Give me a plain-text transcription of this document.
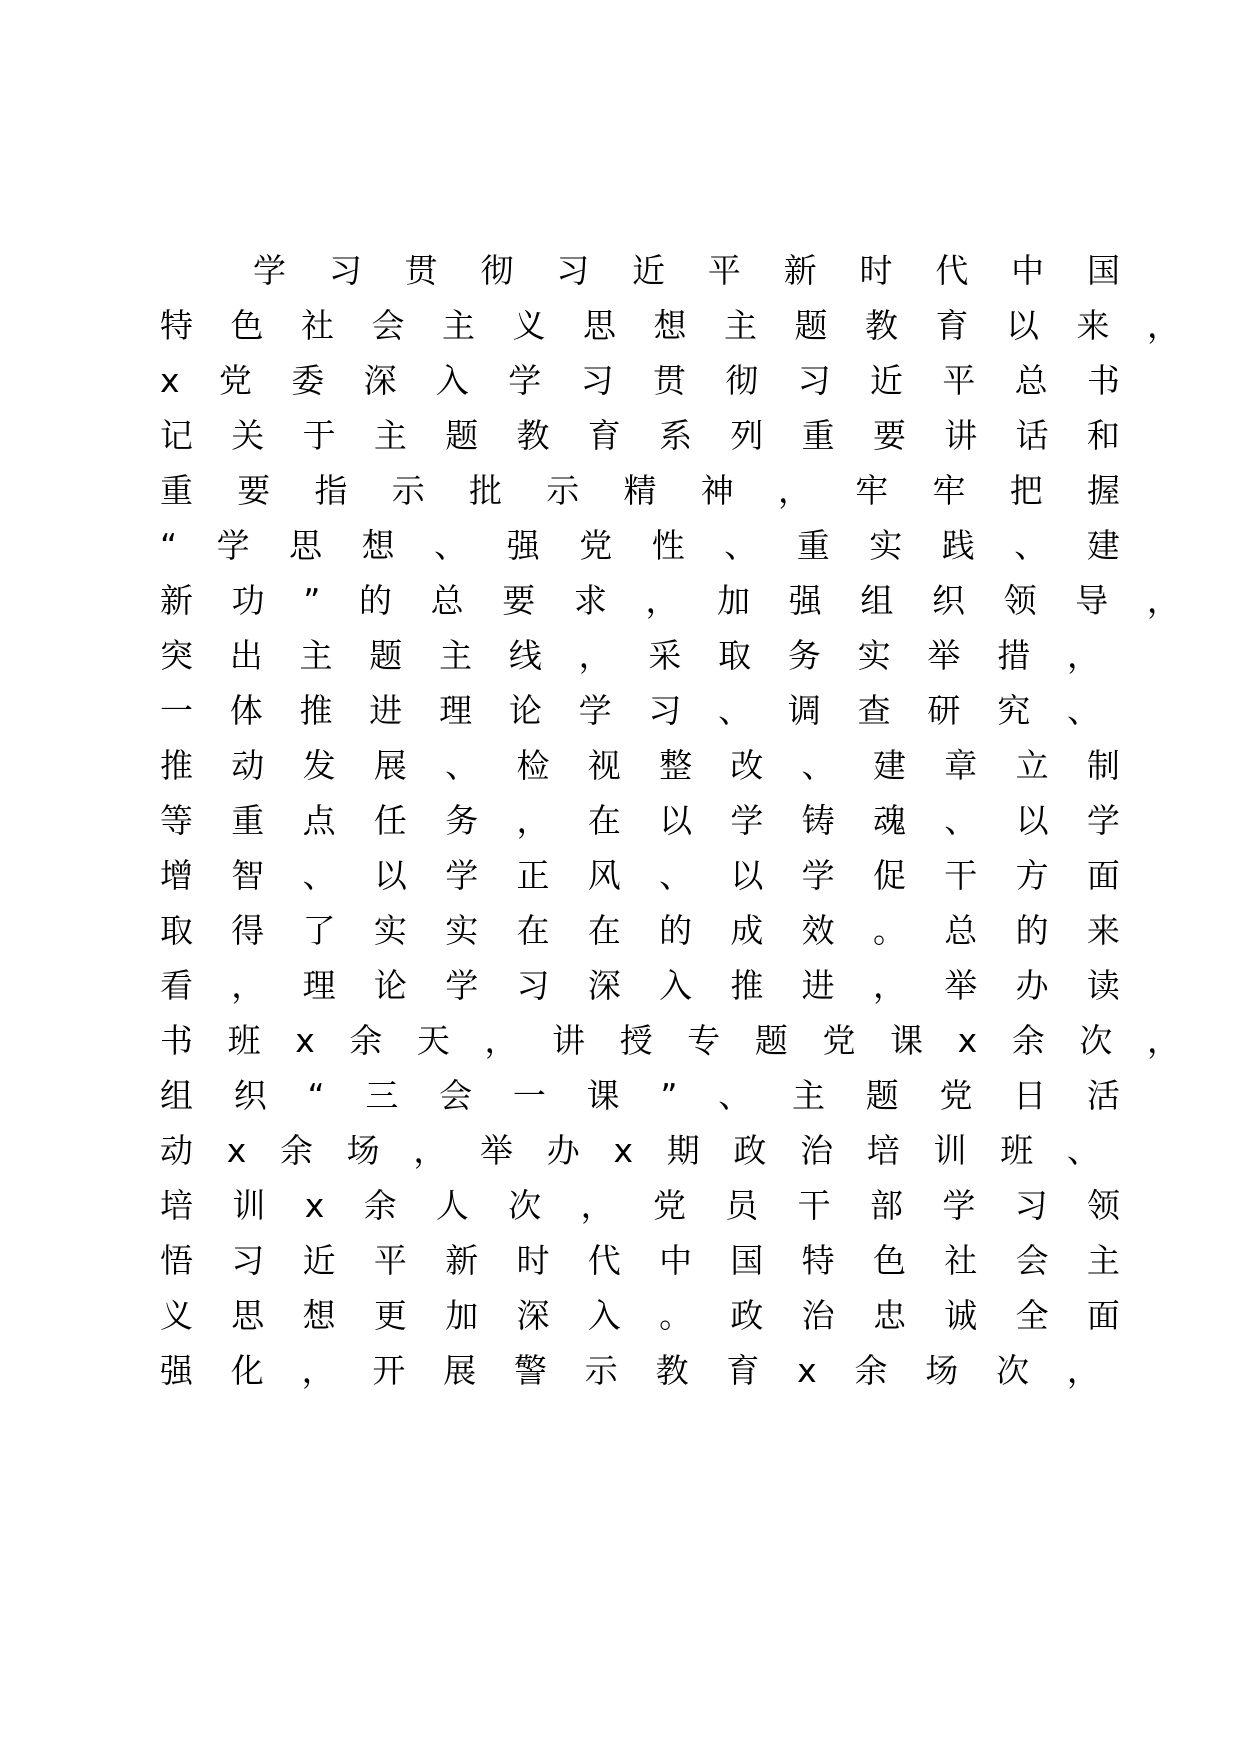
学 习 贯 彻 习 近 平 新 时 代 中 国
特 色 社 会 主 义 思 想 主 题 教 育 以 来 ，
x 党 委 深 入 学 习 贯 彻 习 近 平 总 书
记 关 于 主 题 教 育 系 列 重 要 讲 话 和
重 要 指 示 批 示 精 神 ， 牢 牢 把 握
“ 学 思 想 、 强 党 性 、 重 实 践 、 建
新 功 ” 的 总 要 求 ， 加 强 组 织 领 导 ，
突 出 主 题 主 线 ， 采 取 务 实 举 措 ，
一 体 推 进 理 论 学 习 、 调 查 研 究 、
推 动 发 展 、 检 视 整 改 、 建 章 立 制
等 重 点 任 务 ， 在 以 学 铸 魂 、 以 学
增 智 、 以 学 正 风 、 以 学 促 干 方 面
取 得 了 实 实 在 在 的 成 效 。 总 的 来
看 ， 理 论 学 习 深 入 推 进 ， 举 办 读
书 班 x 余 天 ， 讲 授 专 题 党 课 x 余 次 ，
组 织 “ 三 会 一 课 ” 、 主 题 党 日 活
动 x 余 场 ， 举 办 x 期 政 治 培 训 班 、
培 训 x 余 人 次 ， 党 员 干 部 学 习 领
悟 习 近 平 新 时 代 中 国 特 色 社 会 主
义 思 想 更 加 深 入 。 政 治 忠 诚 全 面
强 化 ， 开 展 警 示 教 育 x 余 场 次 ，
